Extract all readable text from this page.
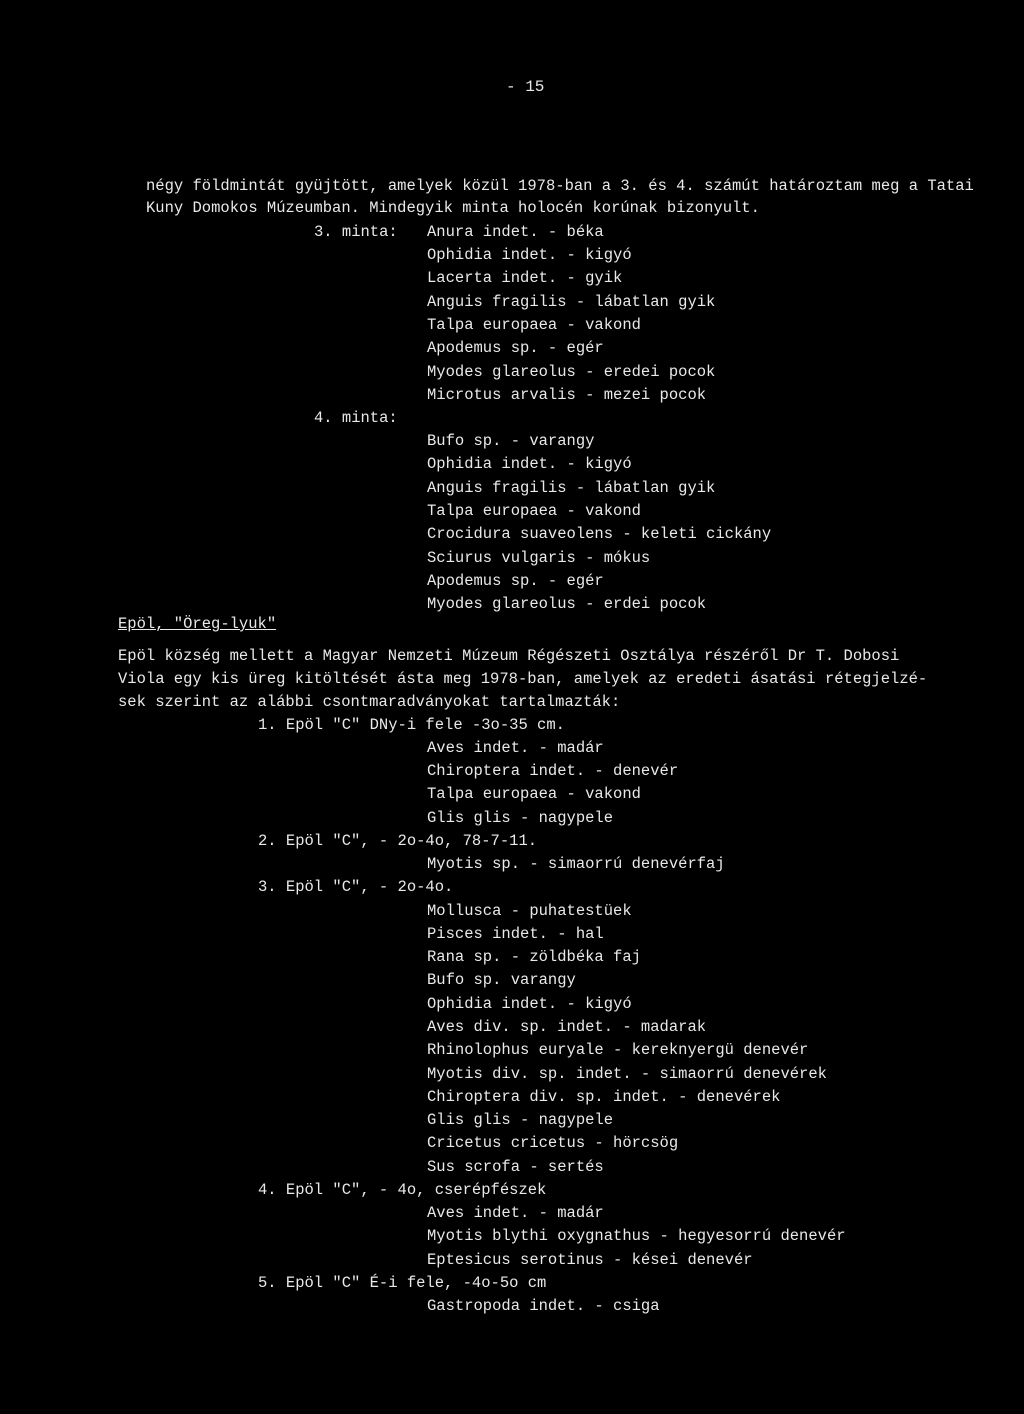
- 15
négy földmintát gyüjtött, amelyek közül 1978-ban a 3. és 4. számút határoztam meg a Tatai
Kuny Domokos Múzeumban. Mindegyik minta holocén korúnak bizonyult.
3. minta: Anura indet. - béka
Ophidia indet. - kigyó
Lacerta indet. - gyik
Anguis fragilis - lábatlan gyik
Talpa europaea - vakond
Apodemus sp. - egér
Myodes glareolus - eredei pocok
Microtus arvalis - mezei pocok
4. minta:
Bufo sp. - varangy
Ophidia indet. - kigyó
Anguis fragilis - lábatlan gyik
Talpa europaea - vakond
Crocidura suaveolens - keleti cickány
Sciurus vulgaris - mókus
Apodemus sp. - egér
Myodes glareolus - erdei pocok
Epöl, "Öreg-lyuk"
Epöl község mellett a Magyar Nemzeti Múzeum Régészeti Osztálya részéről Dr T. Dobosi
Viola egy kis üreg kitöltését ásta meg 1978-ban, amelyek az eredeti ásatási rétegjelzé-
sek szerint az alábbi csontmaradványokat tartalmazták:
1. Epöl "C" DNy-i fele -3o-35 cm.
Aves indet. - madár
Chiroptera indet. - denevér
Talpa europaea - vakond
Glis glis - nagypele
2. Epöl "C", - 2o-4o, 78-7-11.
Myotis sp. - simaorrú denevérfaj
3. Epöl "C", - 2o-4o.
Mollusca - puhatestüek
Pisces indet. - hal
Rana sp. - zöldbéka faj
Bufo sp. varangy
Ophidia indet. - kigyó
Aves div. sp. indet. - madarak
Rhinolophus euryale - kereknyergü denevér
Myotis div. sp. indet. - simaorrú denevérek
Chiroptera div. sp. indet. - denevérek
Glis glis - nagypele
Cricetus cricetus - hörcsög
Sus scrofa - sertés
4. Epöl "C", - 4o, cserépfészek
Aves indet. - madár
Myotis blythi oxygnathus - hegyesorrú denevér
Eptesicus serotinus - kései denevér
5. Epöl "C" É-i fele, -4o-5o cm
Gastropoda indet. - csiga
